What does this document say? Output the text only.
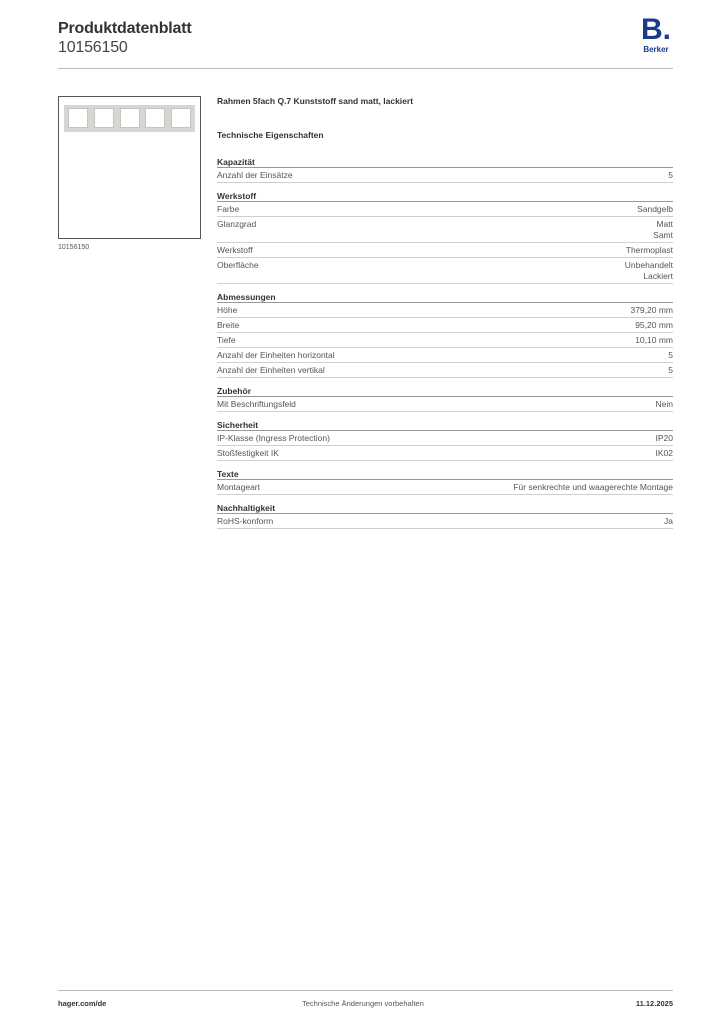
Produktdatenblatt
10156150
B.
Berker
10156150
Rahmen 5fach Q.7 Kunststoff sand matt, lackiert
Technische Eigenschaften
Kapazität
Anzahl der Einsätze	5
Werkstoff
Farbe	Sandgelb
Glanzgrad	Matt
Samt
Werkstoff	Thermoplast
Oberfläche	Unbehandelt
Lackiert
Abmessungen
Höhe	379,20 mm
Breite	95,20 mm
Tiefe	10,10 mm
Anzahl der Einheiten horizontal	5
Anzahl der Einheiten vertikal	5
Zubehör
Mit Beschriftungsfeld	Nein
Sicherheit
IP-Klasse (Ingress Protection)	IP20
Stoßfestigkeit IK	IK02
Texte
Montageart	Für senkrechte und waagerechte Montage
Nachhaltigkeit
RoHS-konform	Ja
hager.com/de	Technische Änderungen vorbehalten	11.12.2025
